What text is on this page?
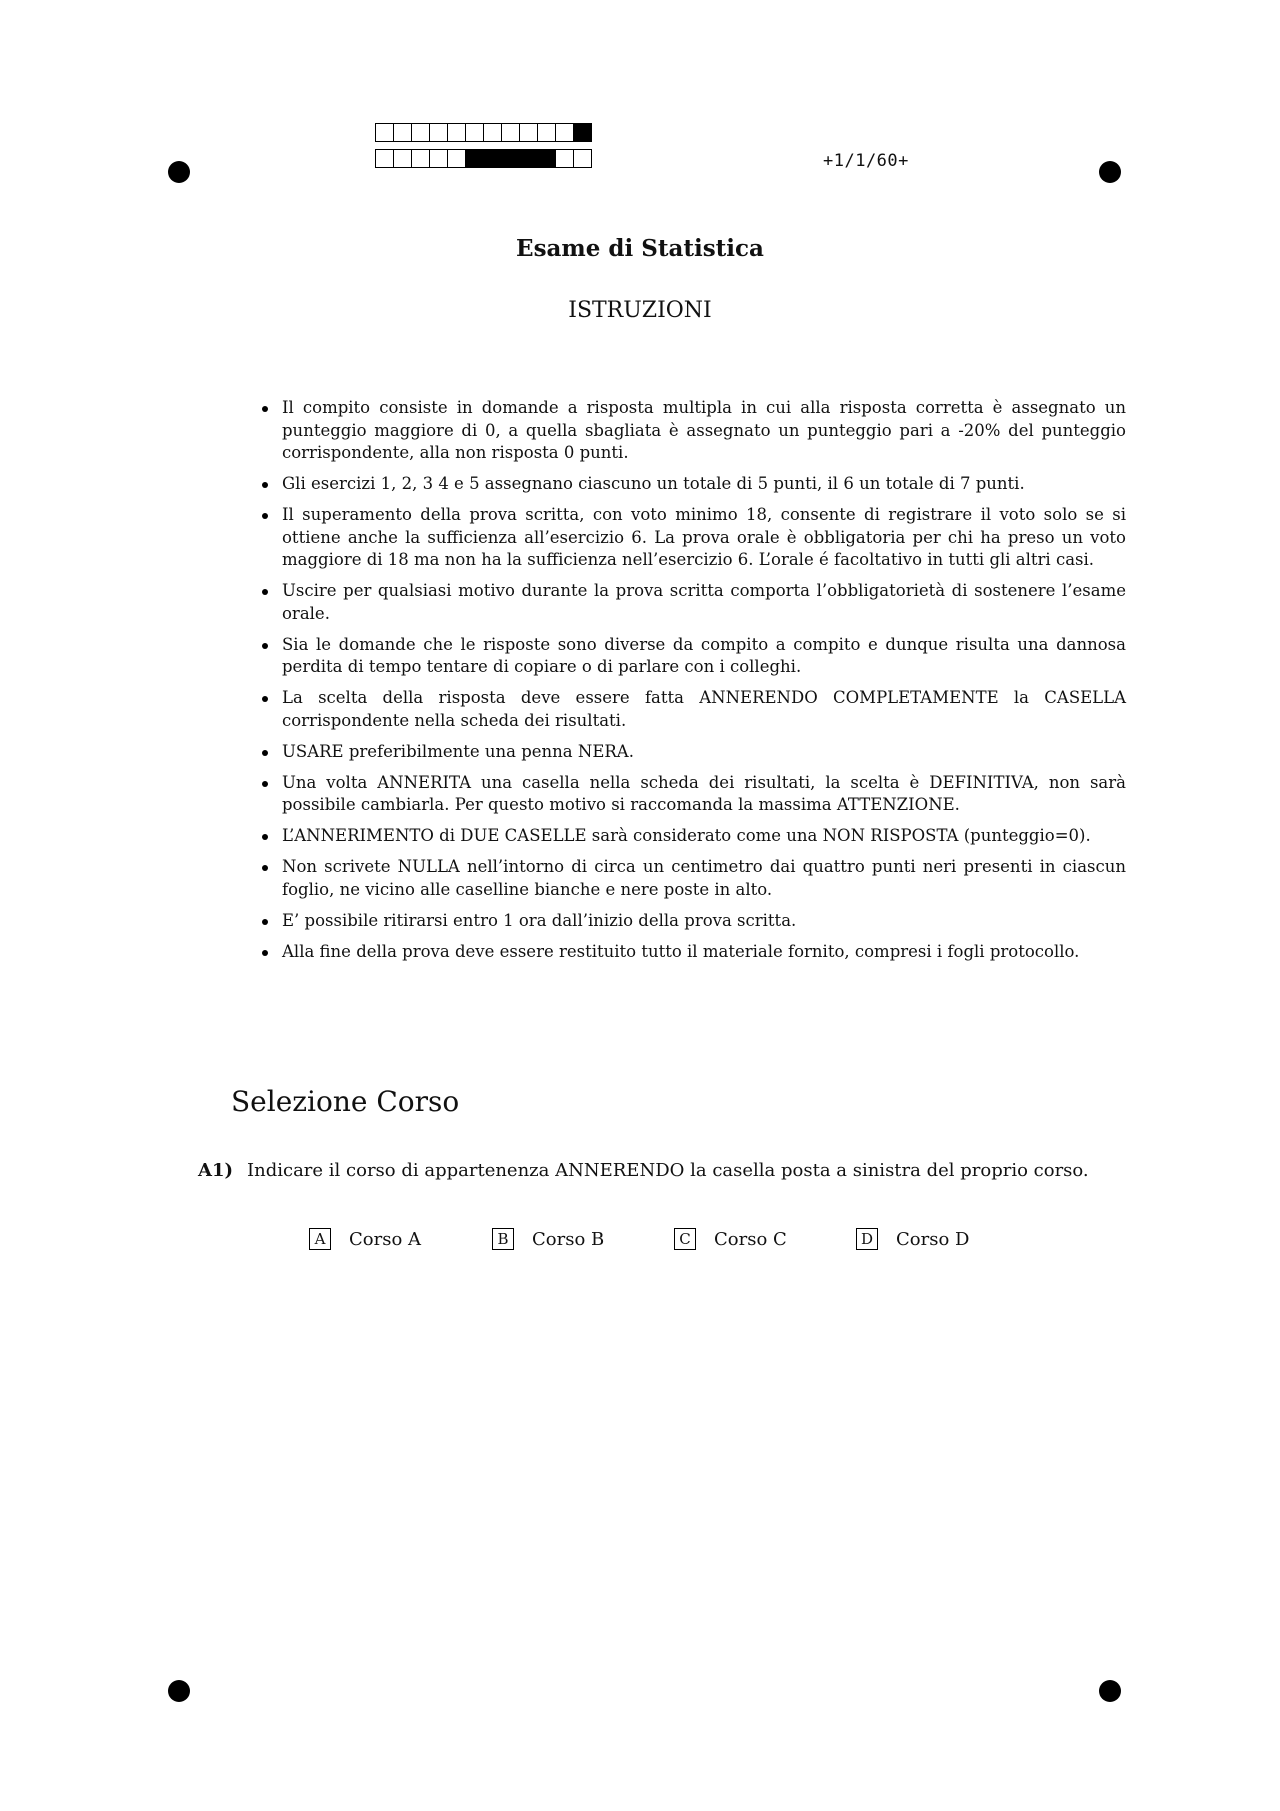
+1/1/60+
Esame di Statistica
ISTRUZIONI
Il compito consiste in domande a risposta multipla in cui alla risposta corretta è assegnato un punteggio maggiore di 0, a quella sbagliata è assegnato un punteggio pari a -20% del punteggio corrispondente, alla non risposta 0 punti.
Gli esercizi 1, 2, 3 4 e 5 assegnano ciascuno un totale di 5 punti, il 6 un totale di 7 punti.
Il superamento della prova scritta, con voto minimo 18, consente di registrare il voto solo se si ottiene anche la sufficienza all’esercizio 6. La prova orale è obbligatoria per chi ha preso un voto maggiore di 18 ma non ha la sufficienza nell’esercizio 6. L’orale é facoltativo in tutti gli altri casi.
Uscire per qualsiasi motivo durante la prova scritta comporta l’obbligatorietà di sostenere l’esame orale.
Sia le domande che le risposte sono diverse da compito a compito e dunque risulta una dannosa perdita di tempo tentare di copiare o di parlare con i colleghi.
La scelta della risposta deve essere fatta ANNERENDO COMPLETAMENTE la CASELLA corrispondente nella scheda dei risultati.
USARE preferibilmente una penna NERA.
Una volta ANNERITA una casella nella scheda dei risultati, la scelta è DEFINITIVA, non sarà possibile cambiarla. Per questo motivo si raccomanda la massima ATTENZIONE.
L’ANNERIMENTO di DUE CASELLE sarà considerato come una NON RISPOSTA (punteggio=0).
Non scrivete NULLA nell’intorno di circa un centimetro dai quattro punti neri presenti in ciascun foglio, ne vicino alle caselline bianche e nere poste in alto.
E’ possibile ritirarsi entro 1 ora dall’inizio della prova scritta.
Alla fine della prova deve essere restituito tutto il materiale fornito, compresi i fogli protocollo.
Selezione Corso
A1) Indicare il corso di appartenenza ANNERENDO la casella posta a sinistra del proprio corso.
A	Corso A	B	Corso B	C Corso C	D Corso D
